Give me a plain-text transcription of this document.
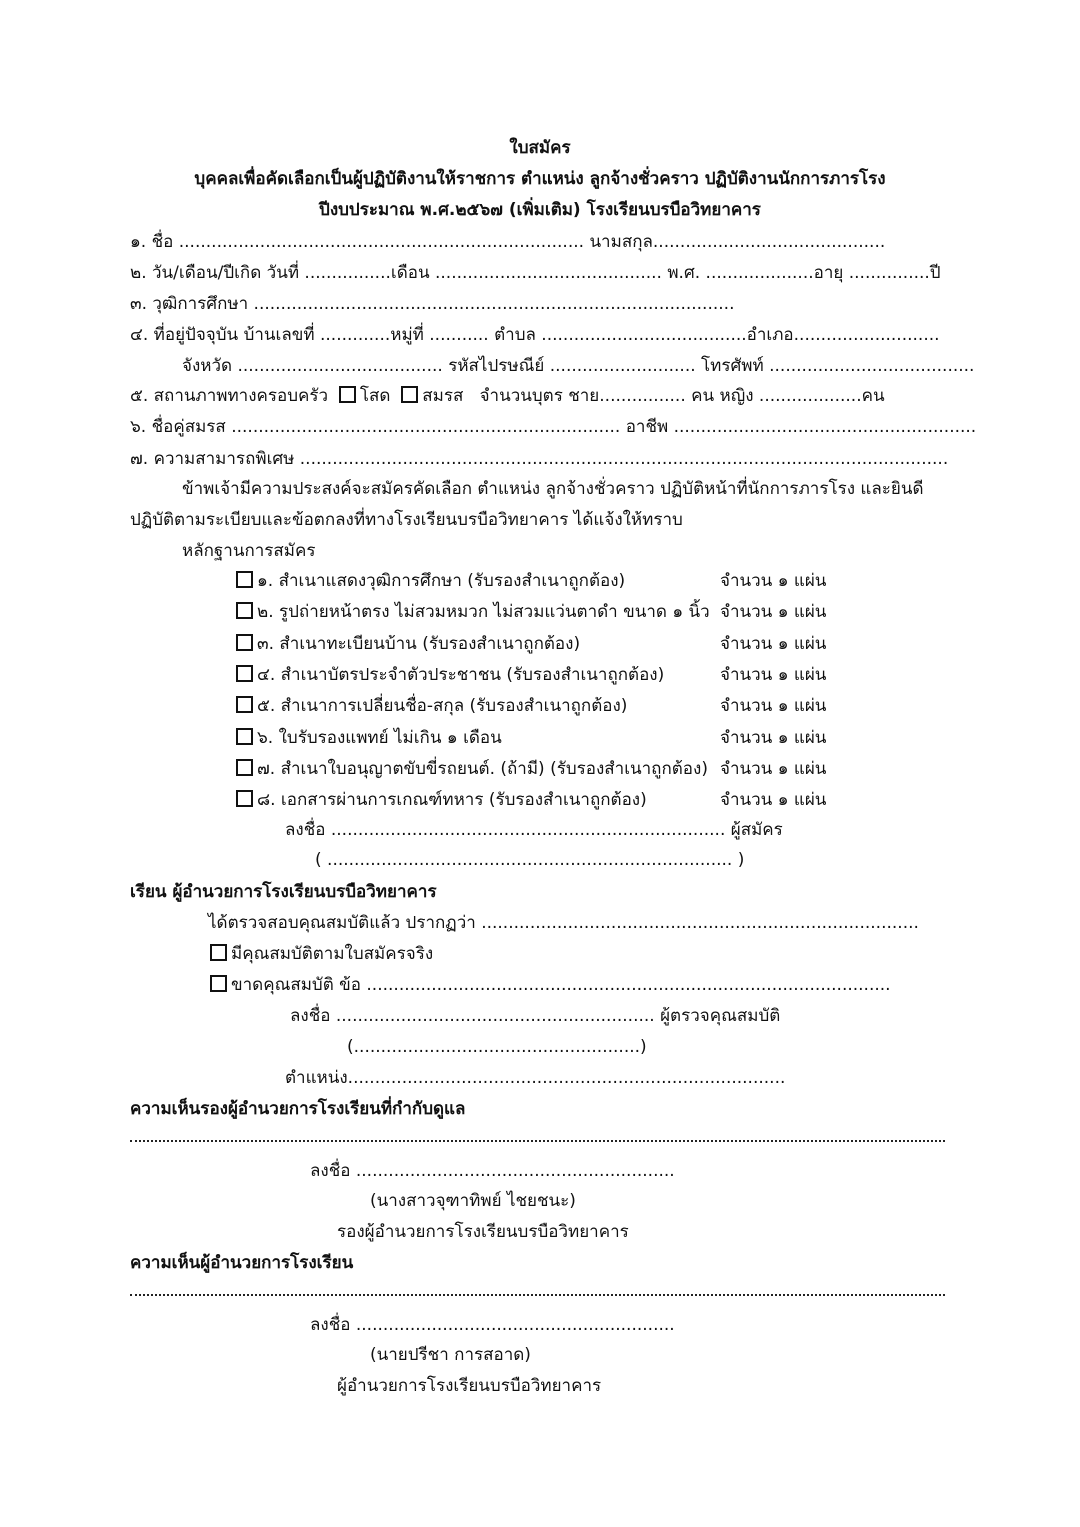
ใบสมัคร
บุคคลเพื่อคัดเลือกเป็นผู้ปฏิบัติงานให้ราชการ ตำแหน่ง ลูกจ้างชั่วคราว ปฏิบัติงานนักการภารโรง
ปีงบประมาณ พ.ศ.๒๕๖๗ (เพิ่มเติม) โรงเรียนบรบือวิทยาคาร
๑. ชื่อ ........................................................................... นามสกุล...........................................
๒. วัน/เดือน/ปีเกิด วันที่ ................เดือน .......................................... พ.ศ. ....................อายุ ...............ปี
๓. วุฒิการศึกษา .........................................................................................
๔. ที่อยู่ปัจจุบัน บ้านเลขที่ .............หมู่ที่ ........... ตำบล ......................................อำเภอ...........................
จังหวัด ...................................... รหัสไปรษณีย์ ........................... โทรศัพท์ ......................................
๕. สถานภาพทางครอบครัว โสด สมรส จำนวนบุตร ชาย................ คน หญิง ...................คน
๖. ชื่อคู่สมรส ........................................................................ อาชีพ ........................................................
๗. ความสามารถพิเศษ ........................................................................................................................
ข้าพเจ้ามีความประสงค์จะสมัครคัดเลือก ตำแหน่ง ลูกจ้างชั่วคราว ปฏิบัติหน้าที่นักการภารโรง และยินดี
ปฏิบัติตามระเบียบและข้อตกลงที่ทางโรงเรียนบรบือวิทยาคาร ได้แจ้งให้ทราบ
หลักฐานการสมัคร
๑. สำเนาแสดงวุฒิการศึกษา (รับรองสำเนาถูกต้อง)	จำนวน ๑ แผ่น
๒. รูปถ่ายหน้าตรง ไม่สวมหมวก ไม่สวมแว่นตาดำ ขนาด ๑ นิ้ว จำนวน ๑ แผ่น
๓. สำเนาทะเบียนบ้าน (รับรองสำเนาถูกต้อง)	จำนวน ๑ แผ่น
๔. สำเนาบัตรประจำตัวประชาชน (รับรองสำเนาถูกต้อง)	จำนวน ๑ แผ่น
๕. สำเนาการเปลี่ยนชื่อ-สกุล (รับรองสำเนาถูกต้อง)	จำนวน ๑ แผ่น
๖. ใบรับรองแพทย์ ไม่เกิน ๑ เดือน	จำนวน ๑ แผ่น
๗. สำเนาใบอนุญาตขับขี่รถยนต์. (ถ้ามี) (รับรองสำเนาถูกต้อง) จำนวน ๑ แผ่น
๘. เอกสารผ่านการเกณฑ์ทหาร (รับรองสำเนาถูกต้อง)	จำนวน ๑ แผ่น
ลงชื่อ ......................................................................... ผู้สมัคร
( ........................................................................... )
เรียน ผู้อำนวยการโรงเรียนบรบือวิทยาคาร
ได้ตรวจสอบคุณสมบัติแล้ว ปรากฏว่า .................................................................................
มีคุณสมบัติตามใบสมัครจริง
ขาดคุณสมบัติ ข้อ .................................................................................................
ลงชื่อ ........................................................... ผู้ตรวจคุณสมบัติ
(.....................................................)
ตำแหน่ง.................................................................................
ความเห็นรองผู้อำนวยการโรงเรียนที่กำกับดูแล
ลงชื่อ ...........................................................
(นางสาวจุฑาทิพย์ ไชยชนะ)
รองผู้อำนวยการโรงเรียนบรบือวิทยาคาร
ความเห็นผู้อำนวยการโรงเรียน
ลงชื่อ ...........................................................
(นายปรีชา การสอาด)
ผู้อำนวยการโรงเรียนบรบือวิทยาคาร
